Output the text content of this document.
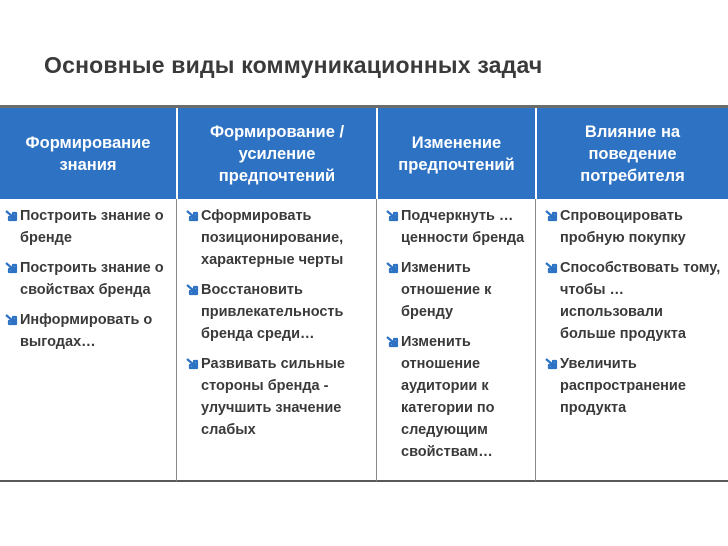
Основные виды коммуникационных задач
Формирование знания
Формирование / усиление предпочтений
Изменение предпочтений
Влияние на поведение потребителя
Построить знание о бренде
Построить знание о свойствах бренда
Информировать о выгодах…
Сформировать позиционирование, характерные черты
Восстановить привлекательность бренда среди…
Развивать сильные стороны бренда - улучшить значение слабых
Подчеркнуть …ценности бренда
Изменить отношение к бренду
Изменить отношение аудитории к категории по следующим свойствам…
Спровоцировать пробную покупку
Способствовать тому, чтобы … использовали больше продукта
Увеличить распространение продукта
